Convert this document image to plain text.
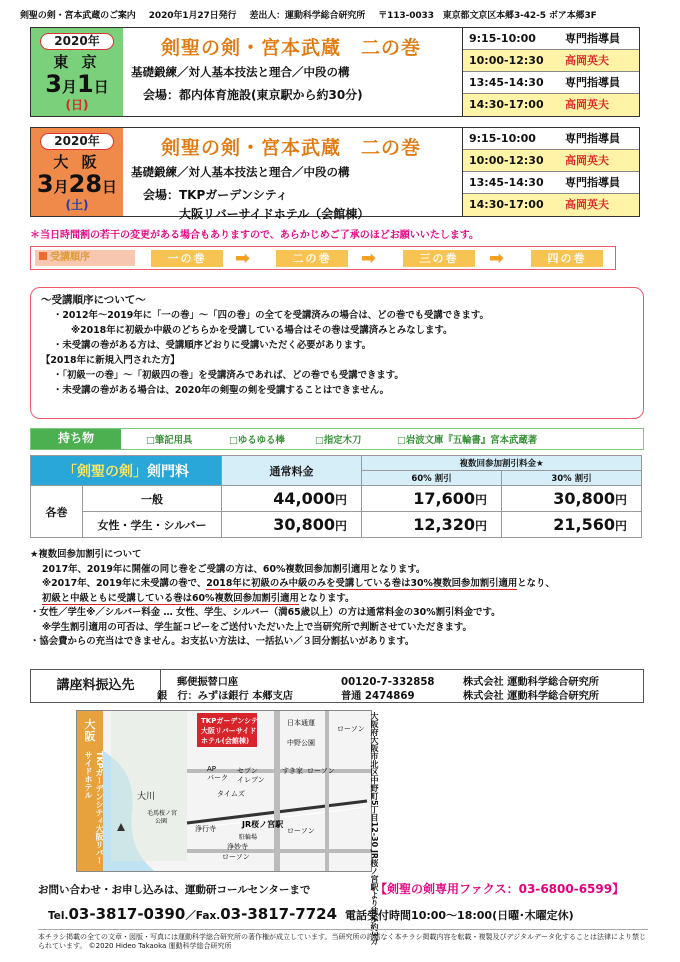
剣聖の剣・宮本武蔵のご案内 2020年1月27日発行 差出人：運動科学総合研究所 〒113-0033　東京都文京区本郷3-42-5 ボア本郷3F
2020年
東 京
3月1日
(日)
剣聖の剣・宮本武蔵　二の巻
基礎鍛練／対人基本技法と理合／中段の構
会場：都内体育施設(東京駅から約30分)
9:15-10:00	専門指導員
10:00-12:30 高岡英夫
13:45-14:30 専門指導員
14:30-17:00 高岡英夫
2020年
大 阪
3月28日
(土)
剣聖の剣・宮本武蔵　二の巻
基礎鍛練／対人基本技法と理合／中段の構
会場：TKPガーデンシティ
大阪リバーサイドホテル（会館棟）
9:15-10:00	専門指導員
10:00-12:30 高岡英夫
13:45-14:30 専門指導員
14:30-17:00 高岡英夫
＊当日時間割の若干の変更がある場合もありますので、あらかじめご了承のほどお願いいたします。
受講順序	一の巻	➡	二の巻	➡	三の巻	➡	四の巻
〜受講順序について〜
・2012年〜2019年に「一の巻」〜「四の巻」の全てを受講済みの場合は、どの巻でも受講できます。
※2018年に初級か中級のどちらかを受講している場合はその巻は受講済みとみなします。
・未受講の巻がある方は、受講順序どおりに受講いただく必要があります。
【2018年に新規入門された方】
・「初級一の巻」〜「初級四の巻」を受講済みであれば、どの巻でも受講できます。
・未受講の巻がある場合は、2020年の剣聖の剣を受講することはできません。
持ち物	□筆記用具	□ゆるゆる棒	□指定木刀	□岩波文庫『五輪書』宮本武蔵著
「剣聖の剣」剣門料		通常料金	複数回参加割引料金★	
			60% 割引	30% 割引
各巻	一般	44,000円	17,600円	30,800円
	女性・学生・シルバー	30,800円	12,320円	21,560円
★複数回参加割引について
2017年、2019年に開催の同じ巻をご受講の方は、60%複数回参加割引適用となります。
※2017年、2019年に未受講の巻で、2018年に初級のみ中級のみを受講している巻は30%複数回参加割引適用となり、
初級と中級ともに受講している巻は60%複数回参加割引適用となります。
・女性／学生※／シルバー料金 … 女性、学生、シルバー（満65歳以上）の方は通常料金の30%割引料金です。
※学生割引適用の可否は、学生証コピーをご送付いただいた上で当研究所で判断させていただきます。
・協会費からの充当はできません。お支払い方法は、一括払い／３回分割払いがあります。
講座料振込先	郵便振替口座	00120-7-332858	株式会社 運動科学総合研究所
銀　行：みずほ銀行 本郷支店	普通 2474869	株式会社 運動科学総合研究所
TKPガーデンシティ
大阪リバーサイド
ホテル(会館棟)
日本通運
中野公園
AP
パーク
セブン
イレブン
タイムズ
すき家 ローソン
大川
毛馬桜ノ宮
公園	JR桜ノ宮駅
駐輪場
浄行寺	ローソン
浄妙寺
ローソン
ローソン
大阪
TKPガーデンシティ大阪リバーサイドホテル	大阪府大阪市北区中野町5丁目12-30 JR桜ノ宮駅より徒歩約3分
お問い合わせ・お申し込みは、運動研コールセンターまで	【剣聖の剣専用ファクス：03-6800-6599】
Tel.03-3817-0390／Fax.03-3817-7724 電話受付時間10:00〜18:00(日曜･木曜定休)
本チラシ掲載の全ての文章・図版・写真には運動科学総合研究所の著作権が成立しています。当研究所の許諾なく本チラシ掲載内容を転載・複製及びデジタルデータ化することは法律により禁じられています。 ©2020 Hideo Takaoka 運動科学総合研究所
